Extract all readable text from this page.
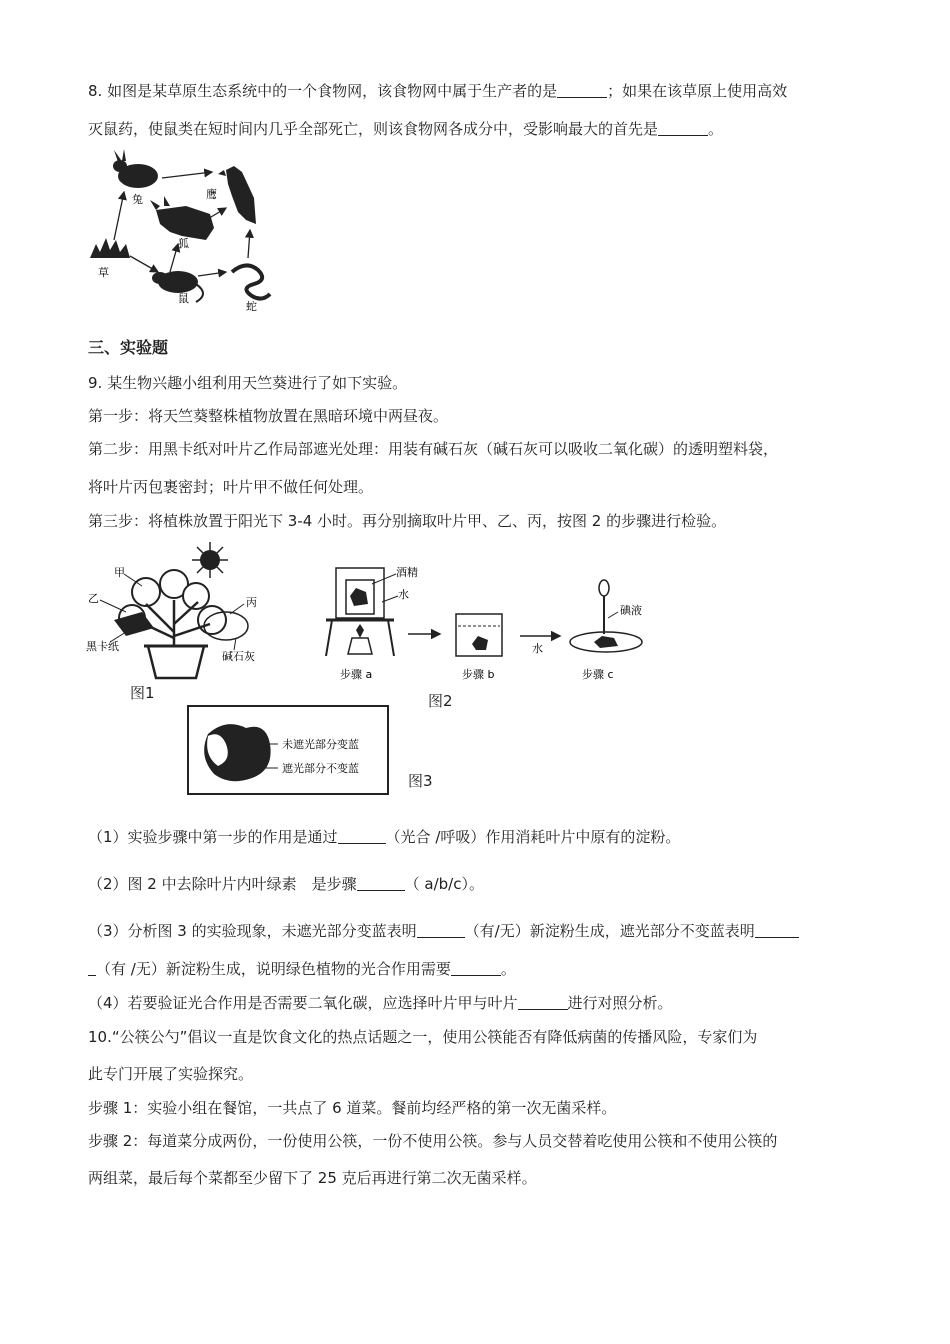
8. 如图是某草原生态系统中的一个食物网，该食物网中属于生产者的是	；如果在该草原上使用高效
灭鼠药，使鼠类在短时间内几乎全部死亡，则该食物网各成分中，受影响最大的首先是	。
兔	鹰
狐
草
鼠
蛇
三、实验题
9. 某生物兴趣小组利用天竺葵进行了如下实验。
第一步：将天竺葵整株植物放置在黑暗环境中两昼夜。
第二步：用黑卡纸对叶片乙作局部遮光处理：用装有碱石灰（碱石灰可以吸收二氧化碳）的透明塑料袋，
将叶片丙包裹密封；叶片甲不做任何处理。
第三步：将植株放置于阳光下 3-4 小时。再分别摘取叶片甲、乙、丙，按图 2 的步骤进行检验。
甲
乙	丙
黑卡纸
碱石灰
图1
酒精
水
步骤 a	步骤 b
水
碘液
步骤 c
图2
未遮光部分变蓝
遮光部分不变蓝
图3
（1）实验步骤中第一步的作用是通过	（光合 /呼吸）作用消耗叶片中原有的淀粉。
（2）图 2 中去除叶片内叶绿素　是步骤	（ a/b/c）。
（3）分析图 3 的实验现象，未遮光部分变蓝表明	（有/无）新淀粉生成，遮光部分不变蓝表明
（有 /无）新淀粉生成，说明绿色植物的光合作用需要	。
（4）若要验证光合作用是否需要二氧化碳，应选择叶片甲与叶片	进行对照分析。
10.“公筷公勺”倡议一直是饮食文化的热点话题之一，使用公筷能否有降低病菌的传播风险，专家们为
此专门开展了实验探究。
步骤 1：实验小组在餐馆，一共点了 6 道菜。餐前均经严格的第一次无菌采样。
步骤 2：每道菜分成两份，一份使用公筷，一份不使用公筷。参与人员交替着吃使用公筷和不使用公筷的
两组菜，最后每个菜都至少留下了 25 克后再进行第二次无菌采样。
